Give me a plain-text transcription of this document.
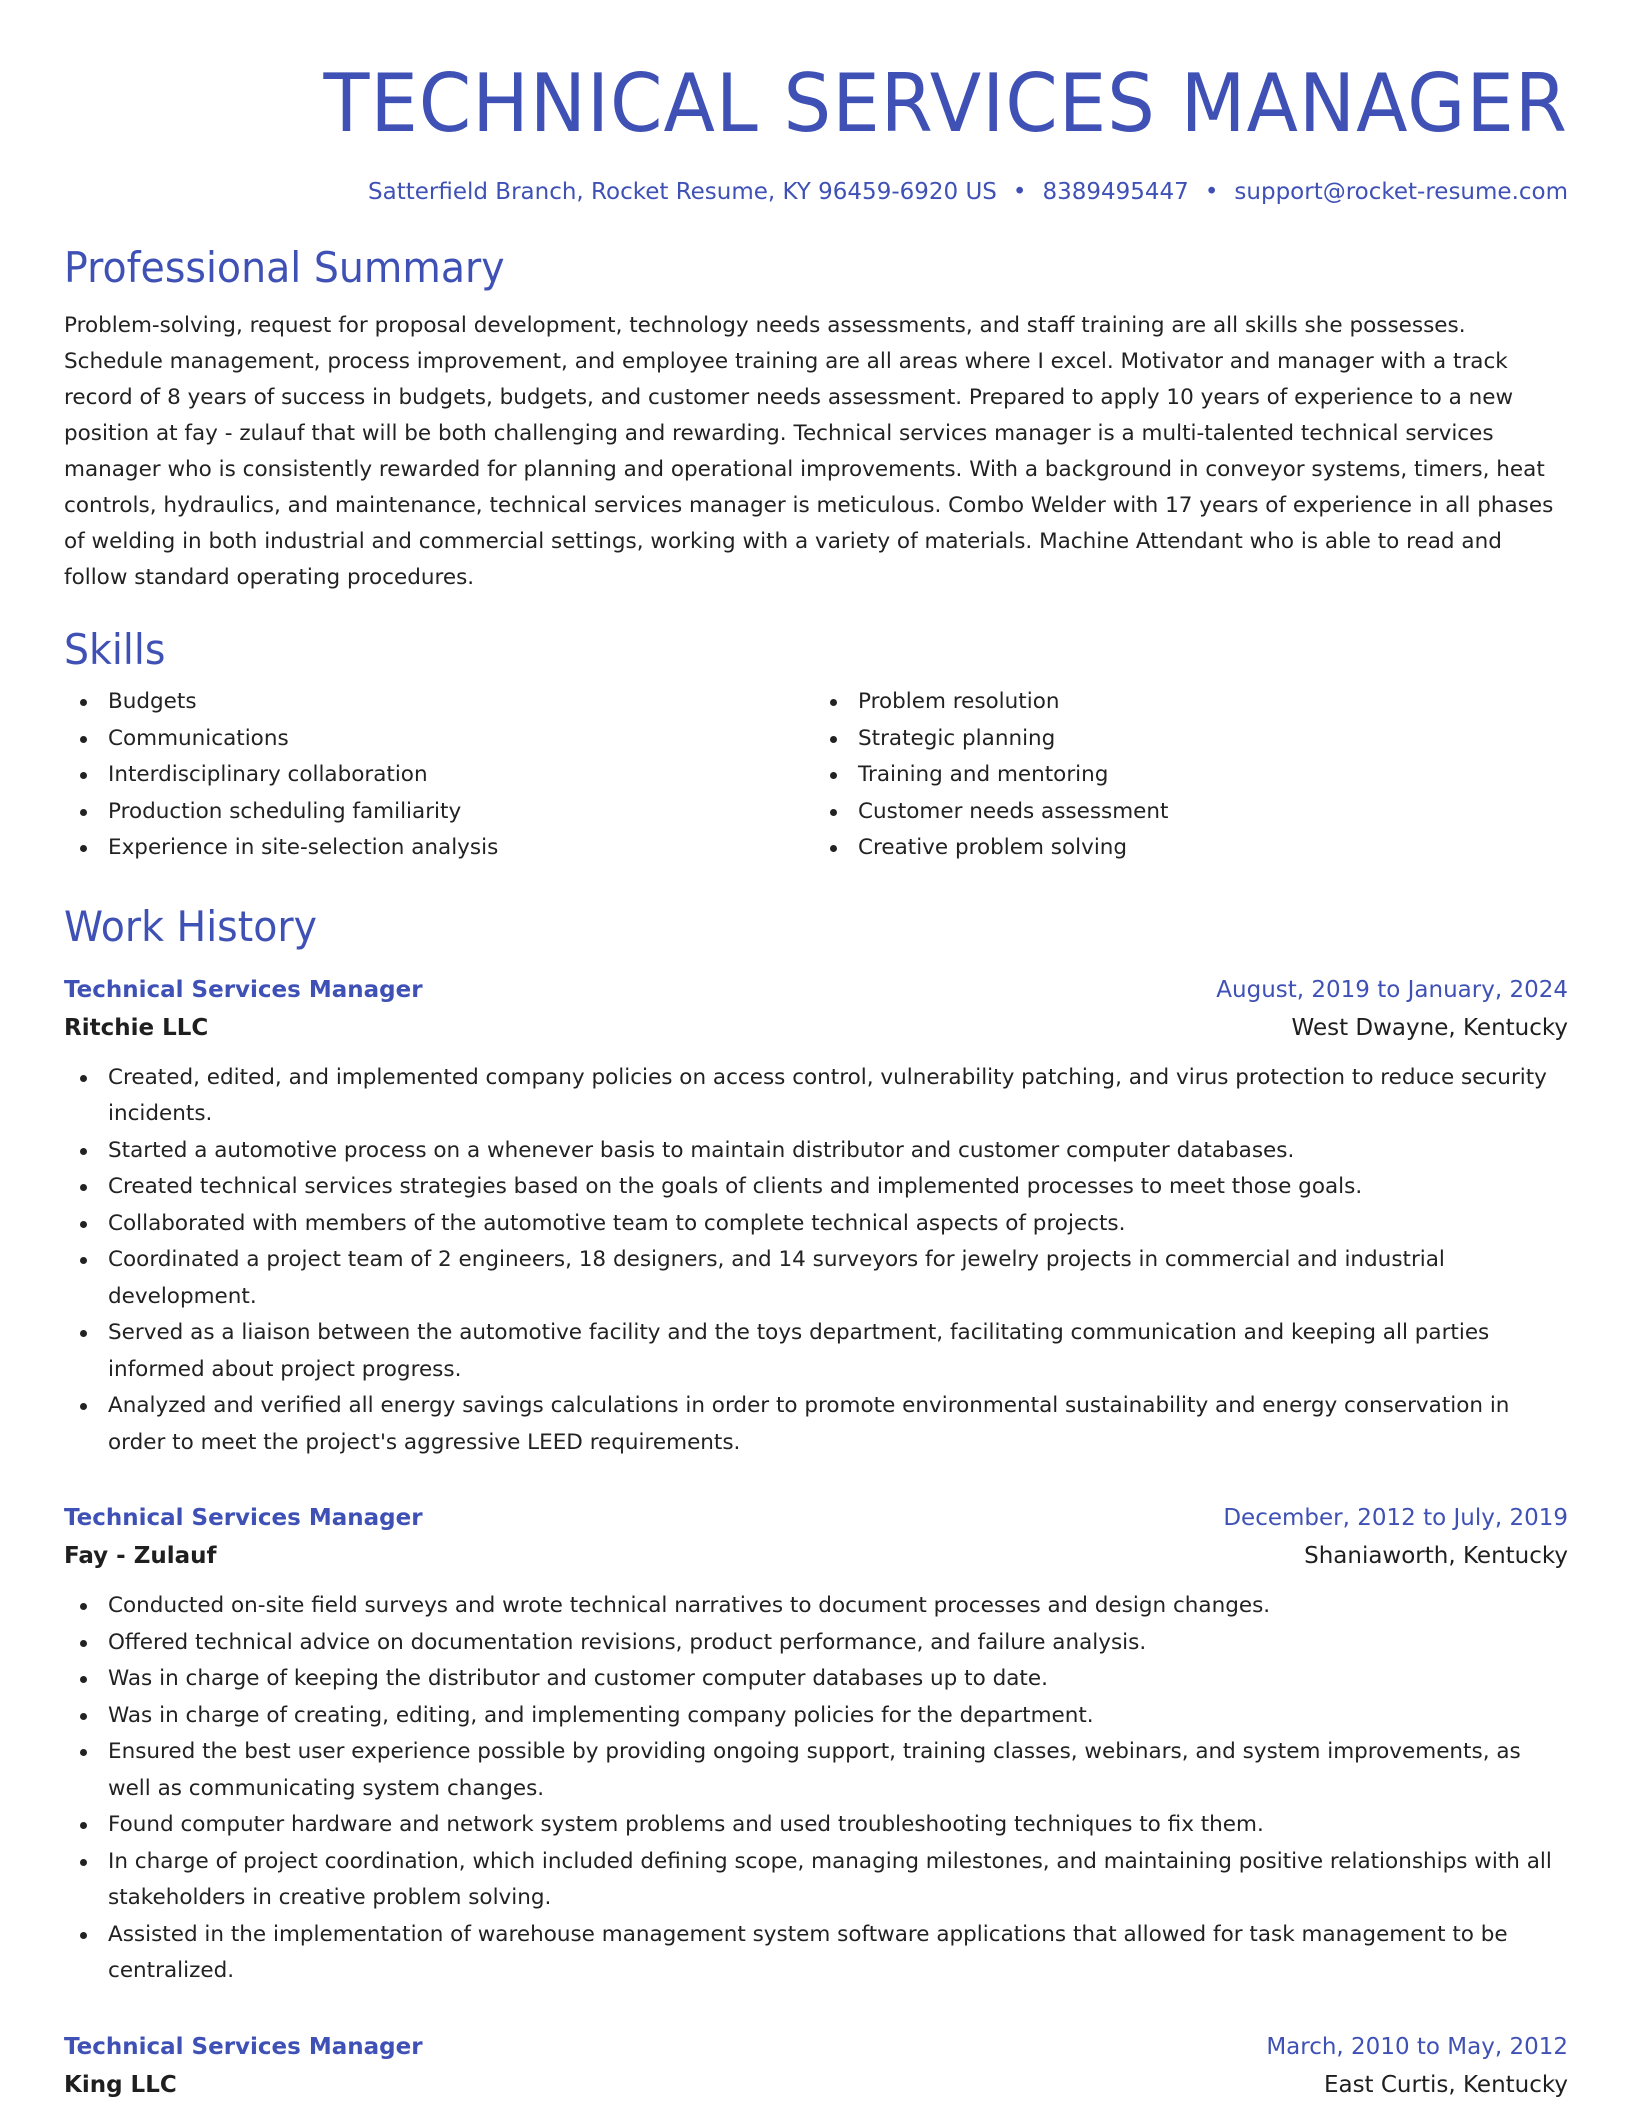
TECHNICAL SERVICES MANAGER
Satterfield Branch, Rocket Resume, KY 96459-6920 US • 8389495447 • support@rocket-resume.com
Professional Summary

Problem-solving, request for proposal development, technology needs assessments, and staff training are all skills she possesses. Schedule management, process improvement, and employee training are all areas where I excel. Motivator and manager with a track record of 8 years of success in budgets, budgets, and customer needs assessment. Prepared to apply 10 years of experience to a new position at fay - zulauf that will be both challenging and rewarding. Technical services manager is a multi-talented technical services manager who is consistently rewarded for planning and operational improvements. With a background in conveyor systems, timers, heat controls, hydraulics, and maintenance, technical services manager is meticulous. Combo Welder with 17 years of experience in all phases of welding in both industrial and commercial settings, working with a variety of materials. Machine Attendant who is able to read and follow standard operating procedures.

Skills
Budgets
Communications
Interdisciplinary collaboration
Production scheduling familiarity
Experience in site-selection analysis
Problem resolution
Strategic planning
Training and mentoring
Customer needs assessment
Creative problem solving
Work History
Technical Services Manager	August, 2019 to January, 2024
Ritchie LLC	West Dwayne, Kentucky
Created, edited, and implemented company policies on access control, vulnerability patching, and virus protection to reduce security incidents.
Started a automotive process on a whenever basis to maintain distributor and customer computer databases.
Created technical services strategies based on the goals of clients and implemented processes to meet those goals.
Collaborated with members of the automotive team to complete technical aspects of projects.
Coordinated a project team of 2 engineers, 18 designers, and 14 surveyors for jewelry projects in commercial and industrial development.
Served as a liaison between the automotive facility and the toys department, facilitating communication and keeping all parties informed about project progress.
Analyzed and verified all energy savings calculations in order to promote environmental sustainability and energy conservation in order to meet the project's aggressive LEED requirements.
Technical Services Manager	December, 2012 to July, 2019
Fay - Zulauf	Shaniaworth, Kentucky
Conducted on-site field surveys and wrote technical narratives to document processes and design changes.
Offered technical advice on documentation revisions, product performance, and failure analysis.
Was in charge of keeping the distributor and customer computer databases up to date.
Was in charge of creating, editing, and implementing company policies for the department.
Ensured the best user experience possible by providing ongoing support, training classes, webinars, and system improvements, as well as communicating system changes.
Found computer hardware and network system problems and used troubleshooting techniques to fix them.
In charge of project coordination, which included defining scope, managing milestones, and maintaining positive relationships with all stakeholders in creative problem solving.
Assisted in the implementation of warehouse management system software applications that allowed for task management to be centralized.
Technical Services Manager	March, 2010 to May, 2012
King LLC	East Curtis, Kentucky
